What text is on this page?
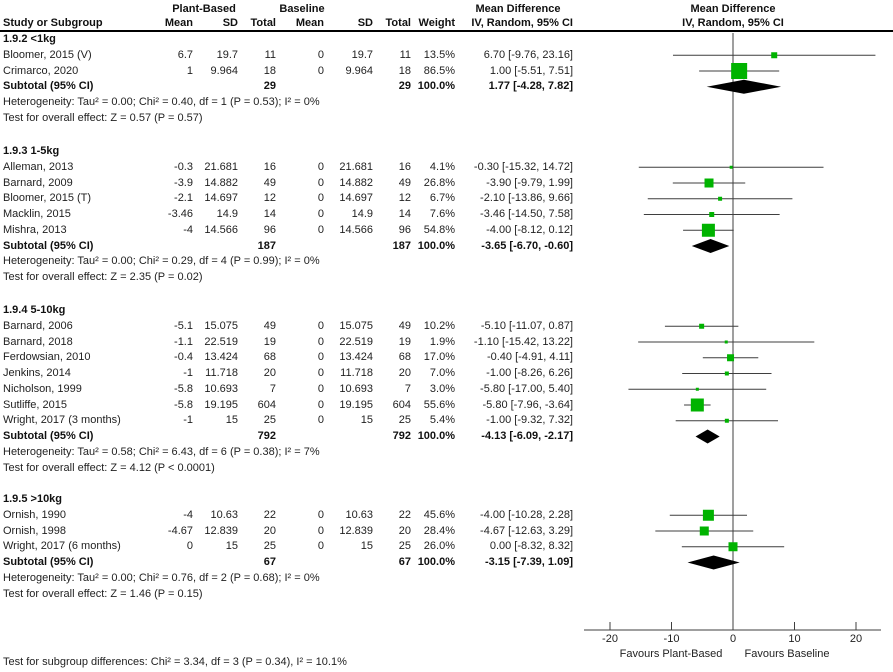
Plant-Based	Baseline	Mean Difference	Mean Difference
Study or Subgroup	Mean	SD Total Mean	SD Total Weight IV, Random, 95% CI	IV, Random, 95% CI
1.9.2 <1kg
Bloomer, 2015 (V)	6.7 19.7 11	0	19.7 11 13.5%	6.70 [-9.76, 23.16]
Crimarco, 2020	1 9.964 18	0 9.964 18 86.5%	1.00 [-5.51, 7.51]
Subtotal (95% CI)	29	29 100.0%	1.77 [-4.28, 7.82]
Heterogeneity: Tau² = 0.00; Chi² = 0.40, df = 1 (P = 0.53); I² = 0%
Test for overall effect: Z = 0.57 (P = 0.57)
1.9.3 1-5kg
Alleman, 2013	-0.3 21.681 16	0 21.681 16 4.1% -0.30 [-15.32, 14.72]
Barnard, 2009	-3.9 14.882 49	0 14.882 49 26.8%	-3.90 [-9.79, 1.99]
Bloomer, 2015 (T)	-2.1 14.697 12	0 14.697 12 6.7% -2.10 [-13.86, 9.66]
Macklin, 2015	-3.46 14.9 14	0	14.9 14 7.6% -3.46 [-14.50, 7.58]
Mishra, 2013	-4 14.566 96	0 14.566 96 54.8%	-4.00 [-8.12, 0.12]
Subtotal (95% CI)	187	187 100.0% -3.65 [-6.70, -0.60]
Heterogeneity: Tau² = 0.00; Chi² = 0.29, df = 4 (P = 0.99); I² = 0%
Test for overall effect: Z = 2.35 (P = 0.02)
1.9.4 5-10kg
Barnard, 2006	-5.1 15.075 49	0 15.075 49 10.2% -5.10 [-11.07, 0.87]
Barnard, 2018	-1.1 22.519 19	0 22.519 19 1.9% -1.10 [-15.42, 13.22]
Ferdowsian, 2010	-0.4 13.424 68	0 13.424 68 17.0%	-0.40 [-4.91, 4.11]
Jenkins, 2014	-1 11.718 20	0 11.718 20 7.0%	-1.00 [-8.26, 6.26]
Nicholson, 1999	-5.8 10.693	7	0 10.693	7 3.0% -5.80 [-17.00, 5.40]
Sutliffe, 2015	-5.8 19.195 604	0 19.195 604 55.6%	-5.80 [-7.96, -3.64]
Wright, 2017 (3 months)	-1	15 25	0	15 25 5.4%	-1.00 [-9.32, 7.32]
Subtotal (95% CI)	792	792 100.0% -4.13 [-6.09, -2.17]
Heterogeneity: Tau² = 0.58; Chi² = 6.43, df = 6 (P = 0.38); I² = 7%
Test for overall effect: Z = 4.12 (P < 0.0001)
1.9.5 >10kg
Ornish, 1990	-4 10.63 22	0 10.63 22 45.6% -4.00 [-10.28, 2.28]
Ornish, 1998	-4.67 12.839 20	0 12.839 20 28.4% -4.67 [-12.63, 3.29]
Wright, 2017 (6 months)	0	15 25	0	15 25 26.0%	0.00 [-8.32, 8.32]
Subtotal (95% CI)	67	67 100.0%	-3.15 [-7.39, 1.09]
Heterogeneity: Tau² = 0.00; Chi² = 0.76, df = 2 (P = 0.68); I² = 0%
Test for overall effect: Z = 1.46 (P = 0.15)
-20	-10	0	10	20
Favours Plant-Based Favours Baseline
Test for subgroup differences: Chi² = 3.34, df = 3 (P = 0.34), I² = 10.1%
